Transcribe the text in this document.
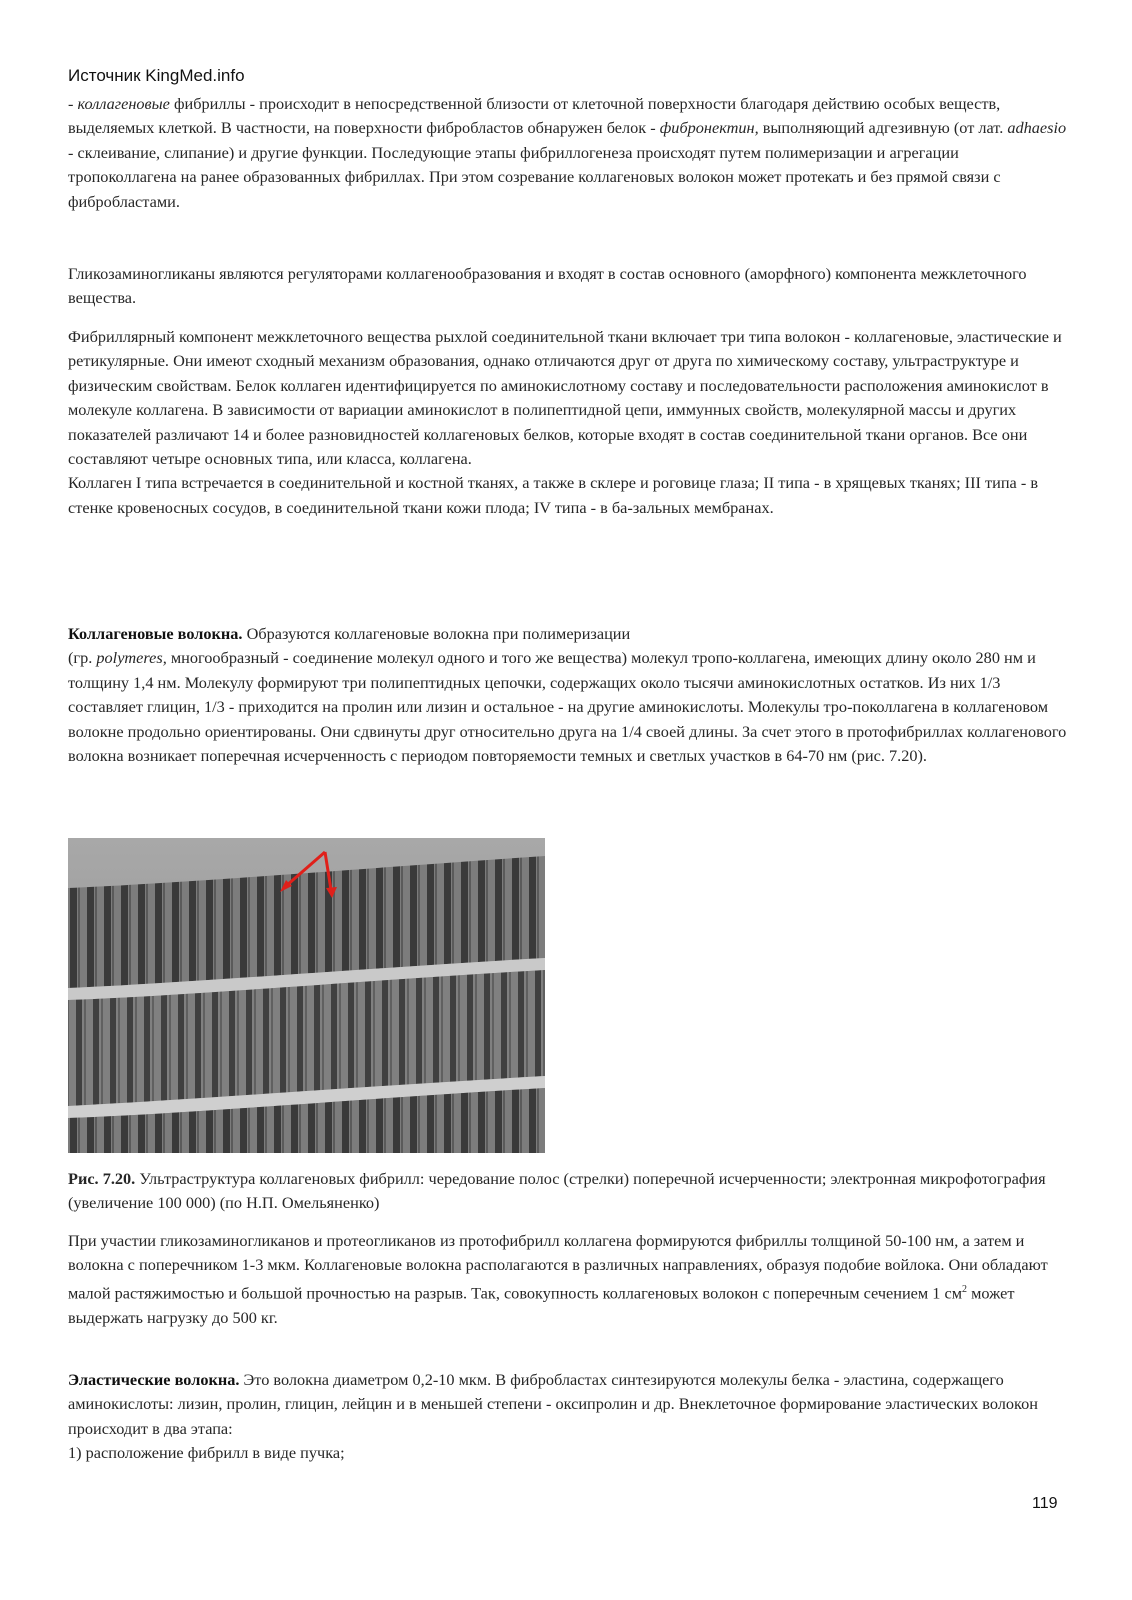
Источник KingMed.info

- коллагеновые фибриллы - происходит в непосредственной близости от клеточной поверхности благодаря действию особых веществ, выделяемых клеткой. В частности, на поверхности фибробластов обнаружен белок - фибронектин, выполняющий адгезивную (от лат. adhaesio - склеивание, слипание) и другие функции. Последующие этапы фибриллогенеза происходят путем полимеризации и агрегации тропоколлагена на ранее образованных фибриллах. При этом созревание коллагеновых волокон может протекать и без прямой связи с фибробластами.

Гликозаминогликаны являются регуляторами коллагенообразования и входят в состав основного (аморфного) компонента межклеточного вещества.

Фибриллярный компонент межклеточного вещества рыхлой соединительной ткани включает три типа волокон - коллагеновые, эластические и ретикулярные. Они имеют сходный механизм образования, однако отличаются друг от друга по химическому составу, ультраструктуре и физическим свойствам. Белок коллаген идентифицируется по аминокислотному составу и последовательности расположения аминокислот в молекуле коллагена. В зависимости от вариации аминокислот в полипептидной цепи, иммунных свойств, молекулярной массы и других показателей различают 14 и более разновидностей коллагеновых белков, которые входят в состав соединительной ткани органов. Все они составляют четыре основных типа, или класса, коллагена.

Коллаген I типа встречается в соединительной и костной тканях, а также в склере и роговице глаза; II типа - в хрящевых тканях; III типа - в стенке кровеносных сосудов, в соединительной ткани кожи плода; IV типа - в ба-зальных мембранах.

Коллагеновые волокна. Образуются коллагеновые волокна при полимеризации

(гр. polymeres, многообразный - соединение молекул одного и того же вещества) молекул тропо-коллагена, имеющих длину около 280 нм и толщину 1,4 нм. Молекулу формируют три полипептидных цепочки, содержащих около тысячи аминокислотных остатков. Из них 1/3 составляет глицин, 1/3 - приходится на пролин или лизин и остальное - на другие аминокислоты. Молекулы тро-поколлагена в коллагеновом волокне продольно ориентированы. Они сдвинуты друг относительно друга на 1/4 своей длины. За счет этого в протофибриллах коллагенового волокна возникает поперечная исчерченность с периодом повторяемости темных и светлых участков в 64-70 нм (рис. 7.20).

Рис. 7.20. Ультраструктура коллагеновых фибрилл: чередование полос (стрелки) поперечной исчерченности; электронная микрофотография (увеличение 100 000) (по Н.П. Омельяненко)

При участии гликозаминогликанов и протеогликанов из протофибрилл коллагена формируются фибриллы толщиной 50-100 нм, а затем и волокна с поперечником 1-3 мкм. Коллагеновые волокна располагаются в различных направлениях, образуя подобие войлока. Они обладают малой растяжимостью и большой прочностью на разрыв. Так, совокупность коллагеновых волокон с поперечным сечением 1 $см^2$ может выдержать нагрузку до 500 кг.

Эластические волокна. Это волокна диаметром 0,2-10 мкм. В фибробластах синтезируются молекулы белка - эластина, содержащего аминокислоты: лизин, пролин, глицин, лейцин и в меньшей степени - оксипролин и др. Внеклеточное формирование эластических волокон происходит в два этапа:

1) расположение фибрилл в виде пучка;

119
